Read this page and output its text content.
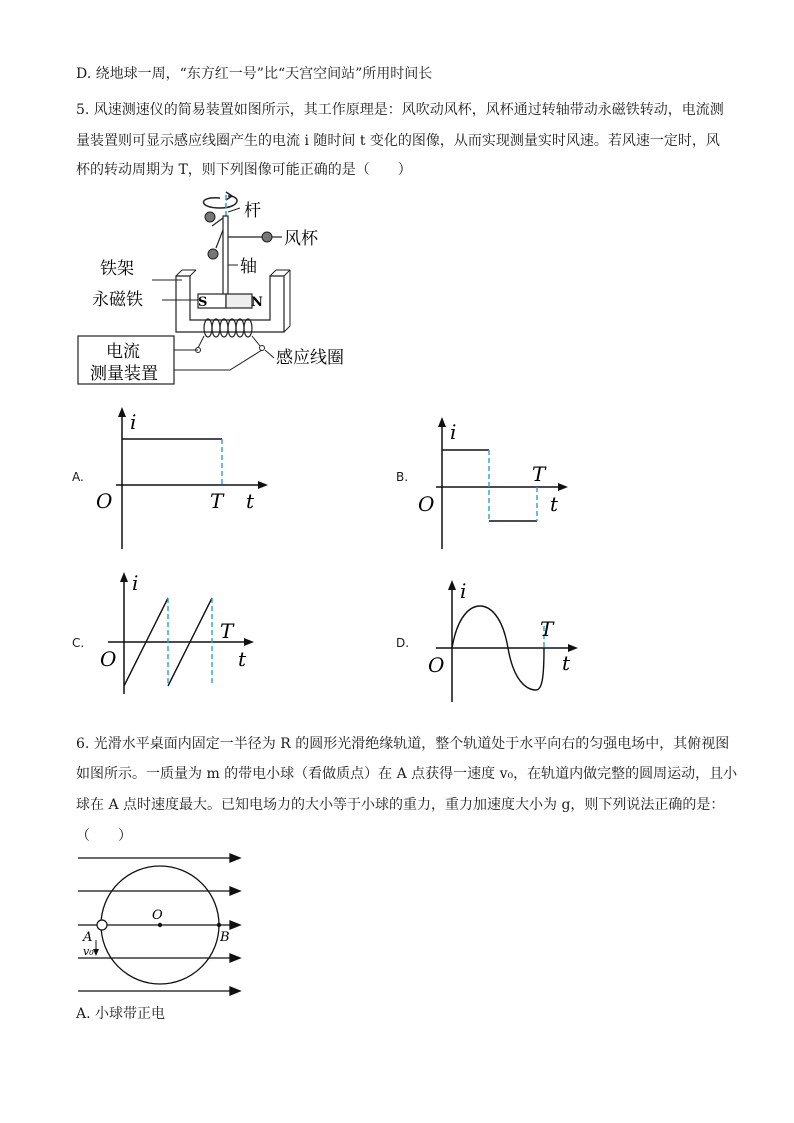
D. 绕地球一周，“东方红一号”比“天宫空间站”所用时间长
5. 风速测速仪的简易装置如图所示，其工作原理是：风吹动风杯，风杯通过转轴带动永磁铁转动，电流测
量装置则可显示感应线圈产生的电流 i 随时间 t 变化的图像，从而实现测量实时风速。若风速一定时，风
杯的转动周期为 T，则下列图像可能正确的是（　　）
杆
风杯
轴
S	N
感应线圈
铁架
永磁铁
电流
测量装置
A.
i
O	T t
B.
i
O
T
t
C.
i
O
T
t
D.
i
O
T
t
6. 光滑水平桌面内固定一半径为 R 的圆形光滑绝缘轨道，整个轨道处于水平向右的匀强电场中，其俯视图
如图所示。一质量为 m 的带电小球（看做质点）在 A 点获得一速度 v₀，在轨道内做完整的圆周运动，且小
球在 A 点时速度最大。已知电场力的大小等于小球的重力，重力加速度大小为 g，则下列说法正确的是：
（　　）
O
A	B
v₀
A. 小球带正电
